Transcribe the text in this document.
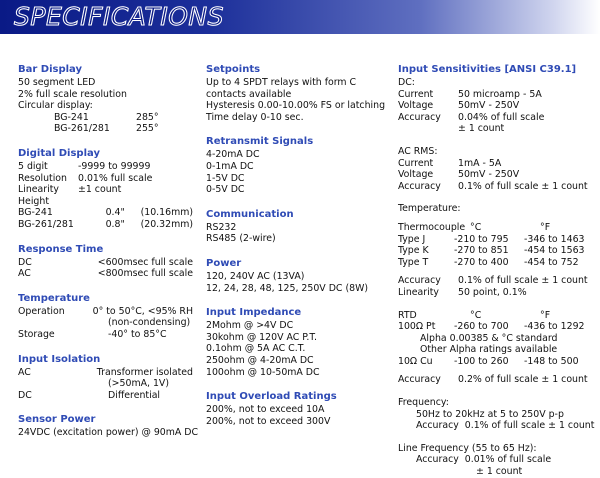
SPECIFICATIONS
Bar Display
50 segment LED
2% full scale resolution
Circular display:
BG-241	285°
BG-261/281	255°
Digital Display
5 digit	-9999 to 99999
Resolution	0.01% full scale
Linearity	±1 count
Height
BG-241	0.4"	(10.16mm)
BG-261/281	0.8"	(20.32mm)
Response Time
DC	<600msec full scale
AC	<800msec full scale
Temperature
Operation	0° to 50°C, <95% RH
(non-condensing)
Storage	-40° to 85°C
Input Isolation
AC	Transformer isolated
(>50mA, 1V)
DC	Differential
Sensor Power
24VDC (excitation power) @ 90mA DC
Setpoints
Up to 4 SPDT relays with form C
contacts available
Hysteresis 0.00-10.00% FS or latching
Time delay 0-10 sec.
Retransmit Signals
4-20mA DC
0-1mA DC
1-5V DC
0-5V DC
Communication
RS232
RS485 (2-wire)
Power
120, 240V AC (13VA)
12, 24, 28, 48, 125, 250V DC (8W)
Input Impedance
2Mohm @ >4V DC
30kohm @ 120V AC P.T.
0.1ohm @ 5A AC C.T.
250ohm @ 4-20mA DC
100ohm @ 10-50mA DC
Input Overload Ratings
200%, not to exceed 10A
200%, not to exceed 300V
Input Sensitivities [ANSI C39.1]
DC:
Current	50 microamp - 5A
Voltage	50mV - 250V
Accuracy	0.04% of full scale
± 1 count
AC RMS:
Current	1mA - 5A
Voltage	50mV - 250V
Accuracy	0.1% of full scale ± 1 count
Temperature:
Thermocouple °C	°F
Type J	-210 to 795	-346 to 1463
Type K	-270 to 851	-454 to 1563
Type T	-270 to 400	-454 to 752
Accuracy	0.1% of full scale ± 1 count
Linearity	50 point, 0.1%
RTD	°C	°F
100Ω Pt	-260 to 700	-436 to 1292
Alpha 0.00385 & °C standard
Other Alpha ratings available
10Ω Cu	-100 to 260	-148 to 500
Accuracy	0.2% of full scale ± 1 count
Frequency:
50Hz to 20kHz at 5 to 250V p-p
Accuracy  0.1% of full scale ± 1 count
Line Frequency (55 to 65 Hz):
Accuracy  0.01% of full scale
± 1 count
